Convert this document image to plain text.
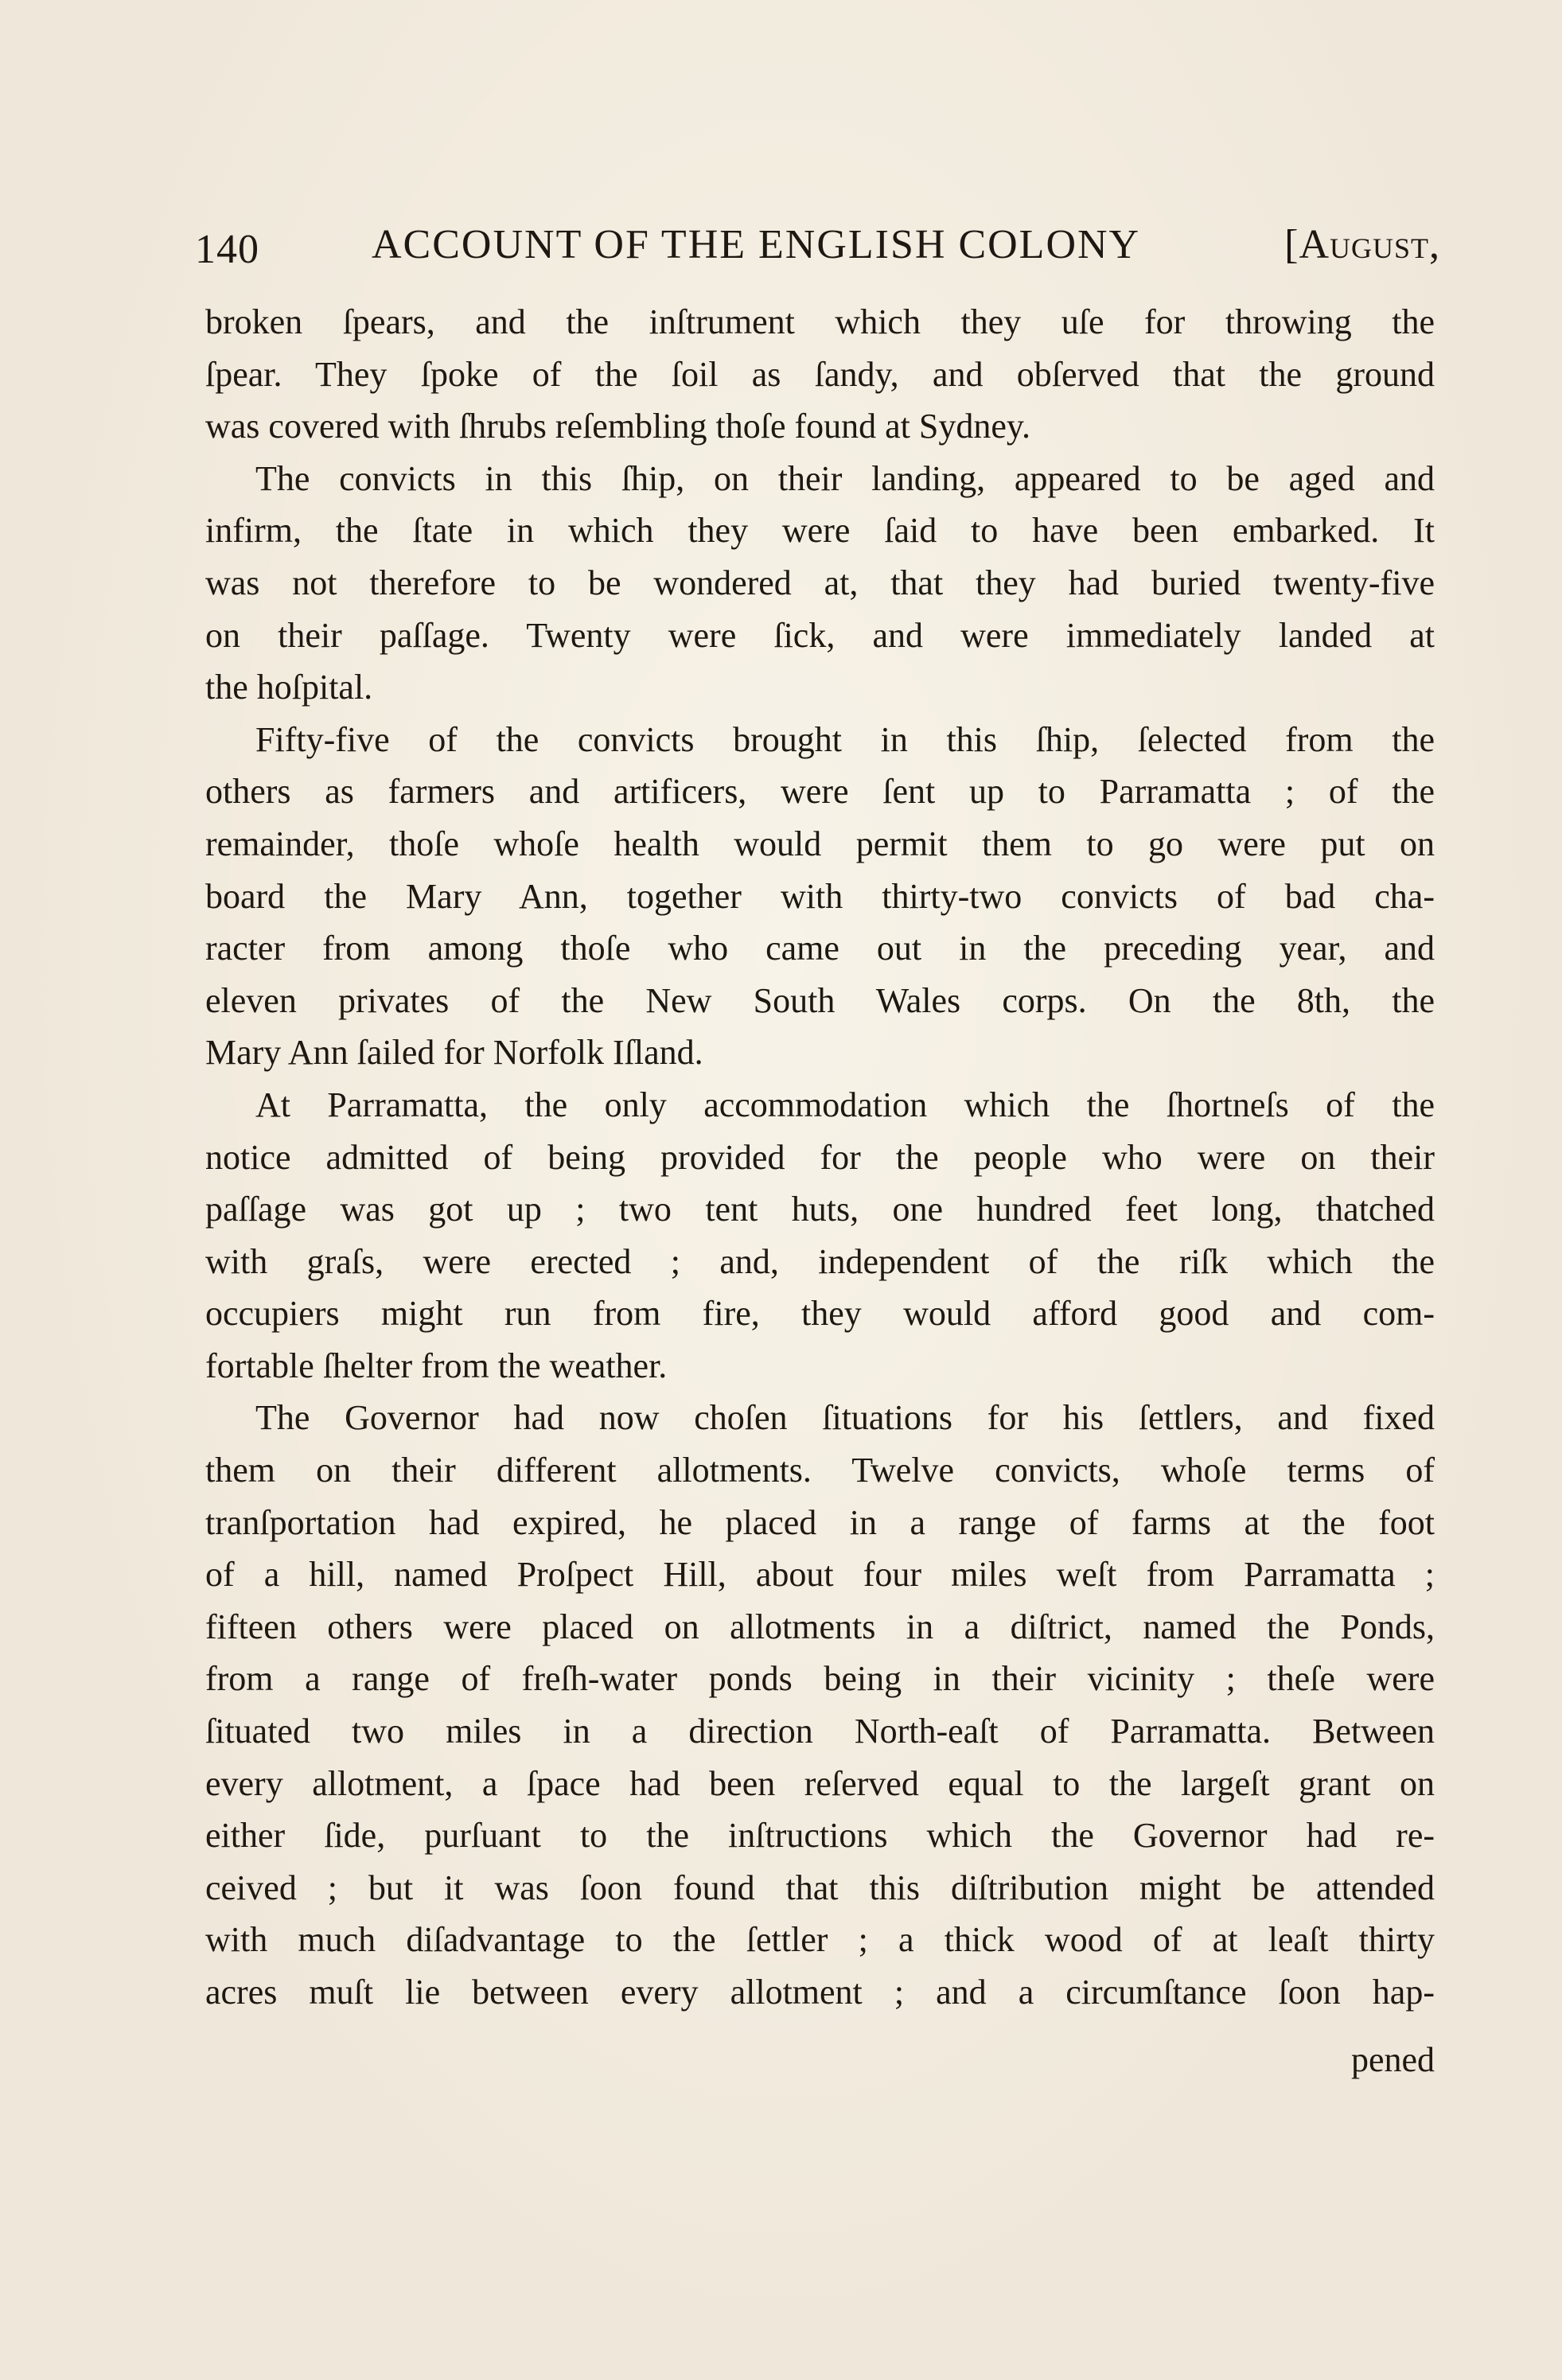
140	ACCOUNT OF THE ENGLISH COLONY	[August,
broken ſpears, and the inſtrument which they uſe for throwing the
ſpear. They ſpoke of the ſoil as ſandy, and obſerved that the ground
was covered with ſhrubs reſembling thoſe found at Sydney.
The convicts in this ſhip, on their landing, appeared to be aged and
infirm, the ſtate in which they were ſaid to have been embarked. It
was not therefore to be wondered at, that they had buried twenty-five
on their paſſage. Twenty were ſick, and were immediately landed at
the hoſpital.
Fifty-five of the convicts brought in this ſhip, ſelected from the
others as farmers and artificers, were ſent up to Parramatta ; of the
remainder, thoſe whoſe health would permit them to go were put on
board the Mary Ann, together with thirty-two convicts of bad cha-
racter from among thoſe who came out in the preceding year, and
eleven privates of the New South Wales corps. On the 8th, the
Mary Ann ſailed for Norfolk Iſland.
At Parramatta, the only accommodation which the ſhortneſs of the
notice admitted of being provided for the people who were on their
paſſage was got up ; two tent huts, one hundred feet long, thatched
with graſs, were erected ; and, independent of the riſk which the
occupiers might run from fire, they would afford good and com-
fortable ſhelter from the weather.
The Governor had now choſen ſituations for his ſettlers, and fixed
them on their different allotments. Twelve convicts, whoſe terms of
tranſportation had expired, he placed in a range of farms at the foot
of a hill, named Proſpect Hill, about four miles weſt from Parramatta ;
fifteen others were placed on allotments in a diſtrict, named the Ponds,
from a range of freſh-water ponds being in their vicinity ; theſe were
ſituated two miles in a direction North-eaſt of Parramatta. Between
every allotment, a ſpace had been reſerved equal to the largeſt grant on
either ſide, purſuant to the inſtructions which the Governor had re-
ceived ; but it was ſoon found that this diſtribution might be attended
with much diſadvantage to the ſettler ; a thick wood of at leaſt thirty
acres muſt lie between every allotment ; and a circumſtance ſoon hap-
pened
